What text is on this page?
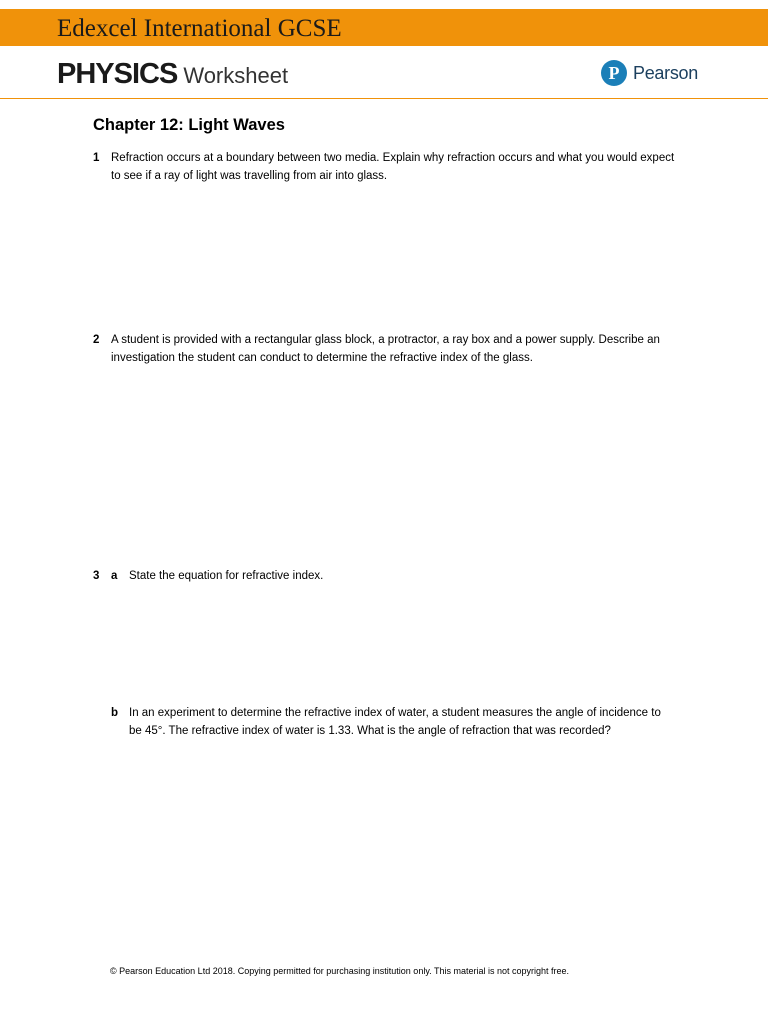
Edexcel International GCSE
PHYSICS Worksheet	P Pearson
Chapter 12: Light Waves
1 Refraction occurs at a boundary between two media. Explain why refraction occurs and what you would expect to see if a ray of light was travelling from air into glass.
2 A student is provided with a rectangular glass block, a protractor, a ray box and a power supply. Describe an investigation the student can conduct to determine the refractive index of the glass.
3 a State the equation for refractive index.
b In an experiment to determine the refractive index of water, a student measures the angle of incidence to be 45°. The refractive index of water is 1.33. What is the angle of refraction that was recorded?
© Pearson Education Ltd 2018. Copying permitted for purchasing institution only. This material is not copyright free.
